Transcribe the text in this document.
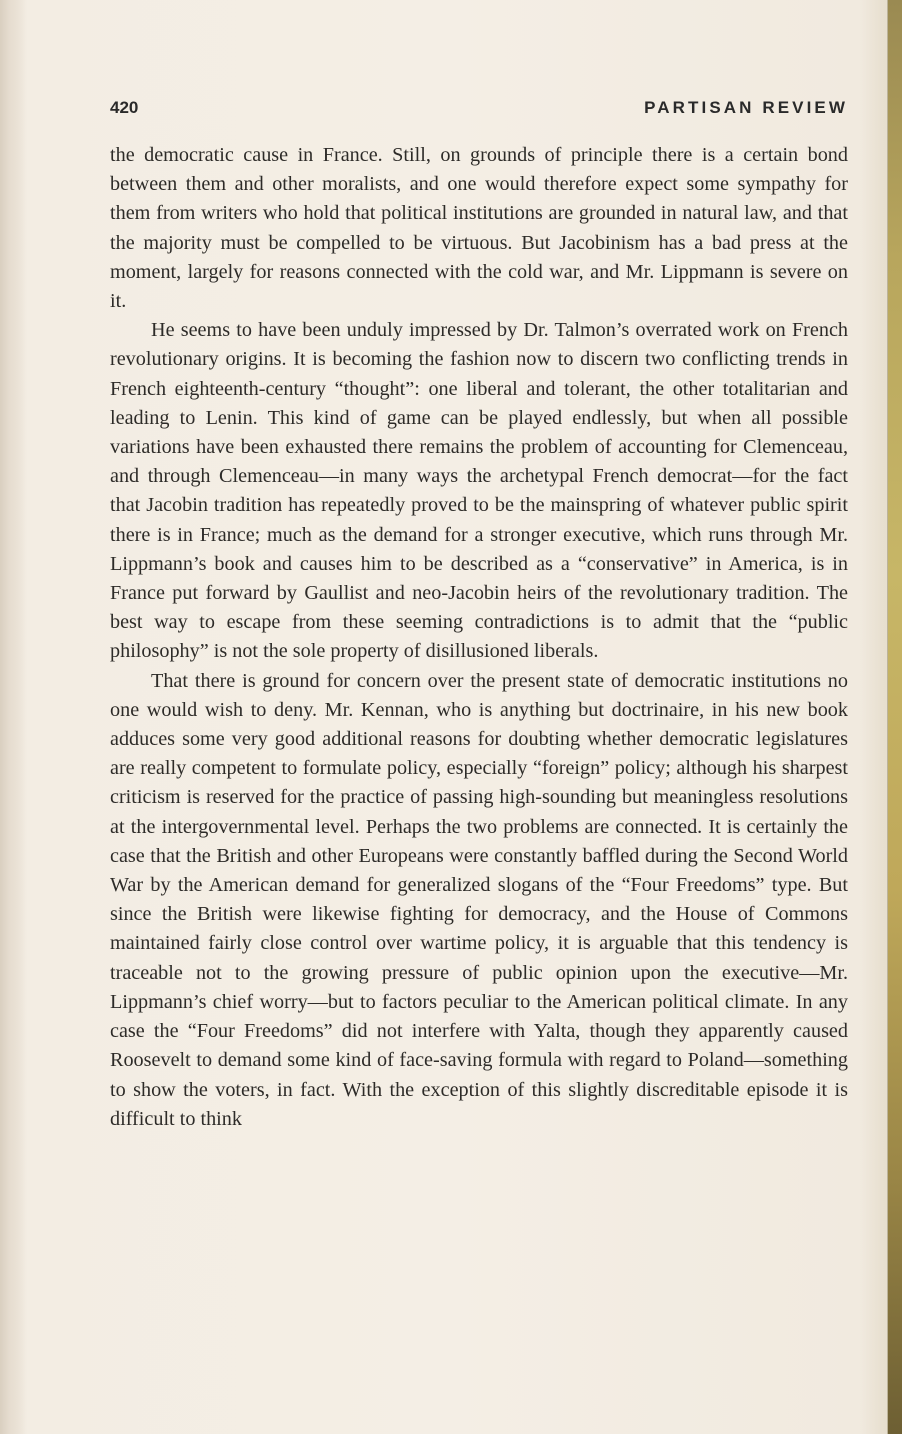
420	PARTISAN REVIEW

the democratic cause in France. Still, on grounds of principle there is a certain bond between them and other moralists, and one would therefore expect some sympathy for them from writers who hold that political institutions are grounded in natural law, and that the majority must be compelled to be virtuous. But Jacobinism has a bad press at the moment, largely for reasons connected with the cold war, and Mr. Lippmann is severe on it.

He seems to have been unduly impressed by Dr. Talmon’s overrated work on French revolutionary origins. It is becoming the fashion now to discern two conflicting trends in French eighteenth-century “thought”: one liberal and tolerant, the other totalitarian and leading to Lenin. This kind of game can be played endlessly, but when all possible variations have been exhausted there remains the problem of accounting for Clemenceau, and through Clemenceau—in many ways the archetypal French democrat—for the fact that Jacobin tradition has repeatedly proved to be the mainspring of whatever public spirit there is in France; much as the demand for a stronger executive, which runs through Mr. Lippmann’s book and causes him to be described as a “conservative” in America, is in France put forward by Gaullist and neo-Jacobin heirs of the revolutionary tradition. The best way to escape from these seeming contradictions is to admit that the “public philosophy” is not the sole property of disillusioned liberals.

That there is ground for concern over the present state of democratic institutions no one would wish to deny. Mr. Kennan, who is anything but doctrinaire, in his new book adduces some very good additional reasons for doubting whether democratic legislatures are really competent to formulate policy, especially “foreign” policy; although his sharpest criticism is reserved for the practice of passing high-sounding but meaningless resolutions at the intergovernmental level. Perhaps the two problems are connected. It is certainly the case that the British and other Europeans were constantly baffled during the Second World War by the American demand for generalized slogans of the “Four Freedoms” type. But since the British were likewise fighting for democracy, and the House of Commons maintained fairly close control over wartime policy, it is arguable that this tendency is traceable not to the growing pressure of public opinion upon the executive—Mr. Lippmann’s chief worry—but to factors peculiar to the American political climate. In any case the “Four Freedoms” did not interfere with Yalta, though they apparently caused Roosevelt to demand some kind of face-saving formula with regard to Poland—something to show the voters, in fact. With the exception of this slightly discreditable episode it is difficult to think
